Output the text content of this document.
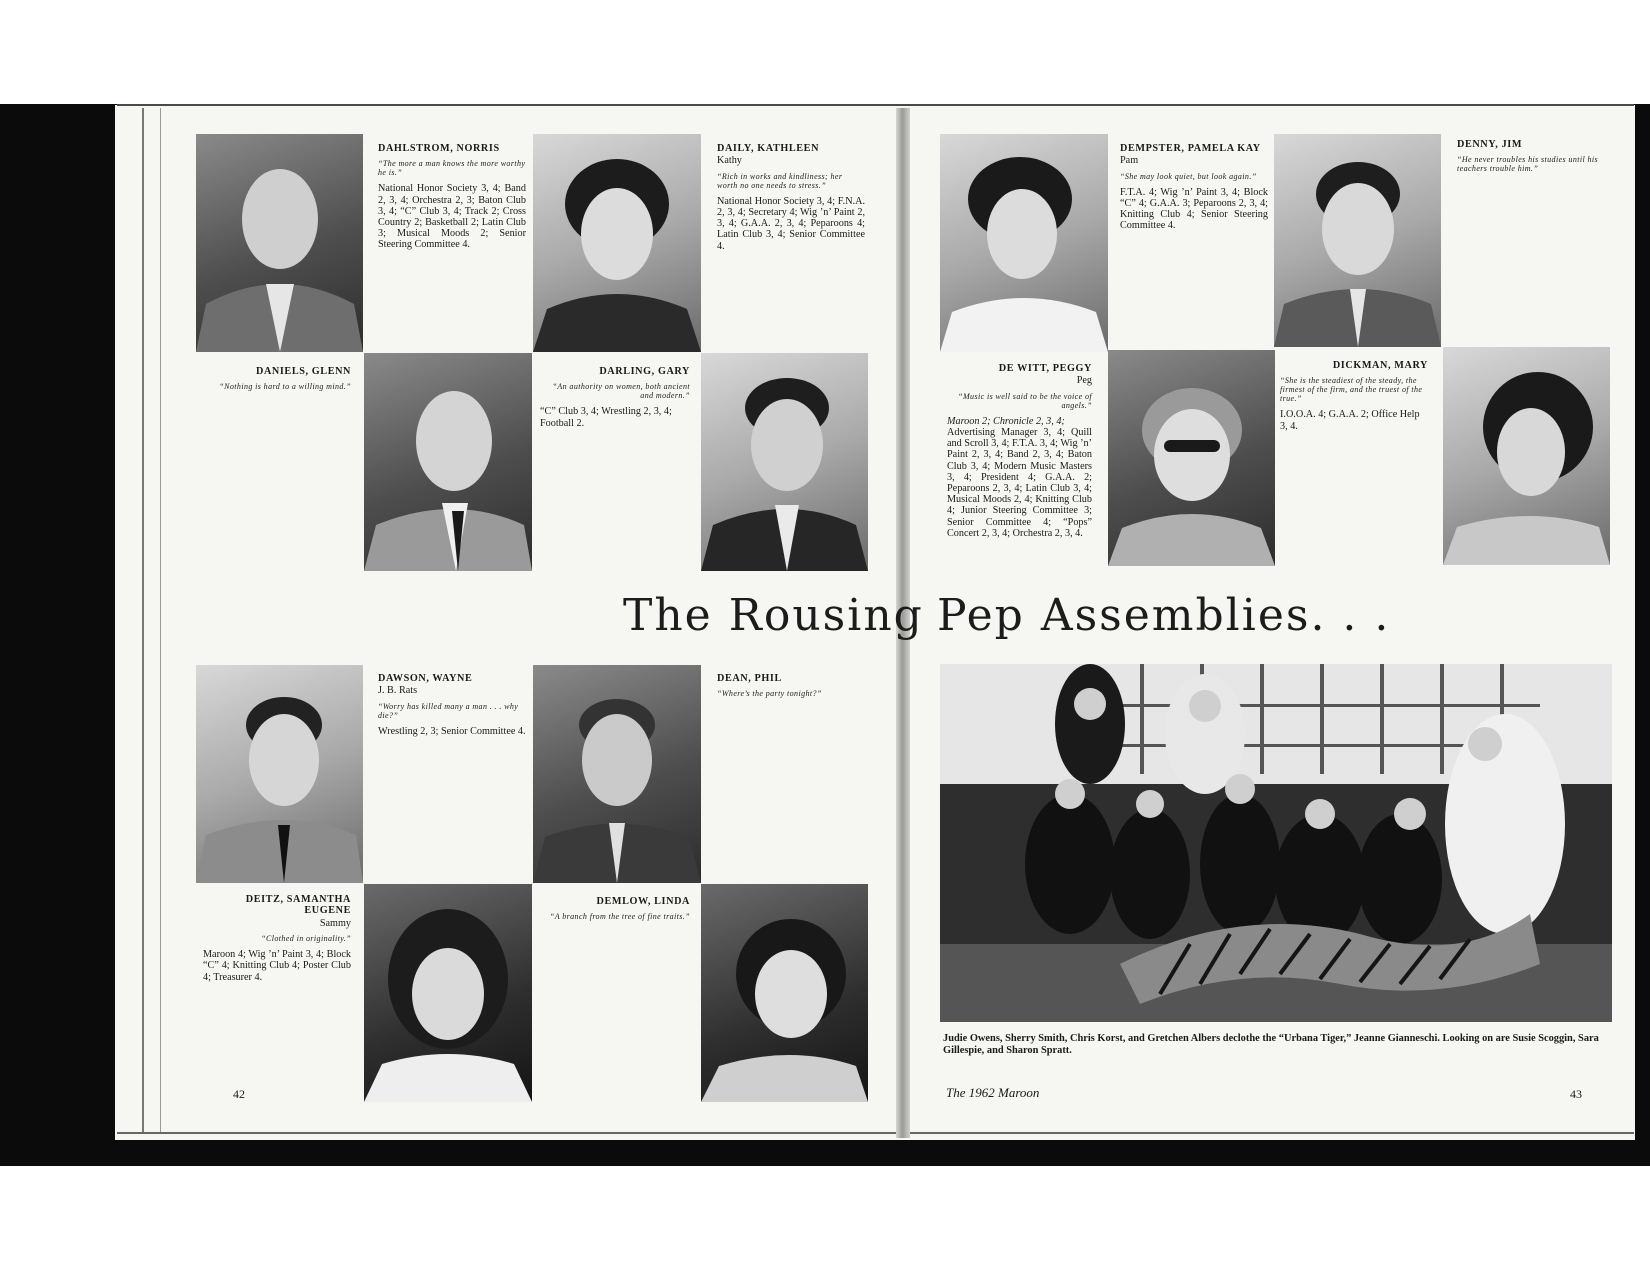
DAHLSTROM, NORRIS
“The more a man knows the more worthy he is.”
National Honor Society 3, 4; Band 2, 3, 4; Orchestra 2, 3; Baton Club 3, 4; “C” Club 3, 4; Track 2; Cross Country 2; Basketball 2; Latin Club 3; Musical Moods 2; Senior Steering Committee 4.
DAILY, KATHLEEN
Kathy
“Rich in works and kindliness; her worth no one needs to stress.”
National Honor Society 3, 4; F.N.A. 2, 3, 4; Secretary 4; Wig ’n’ Paint 2, 3, 4; G.A.A. 2, 3, 4; Peparoons 4; Latin Club 3, 4; Senior Committee 4.
DANIELS, GLENN
“Nothing is hard to a willing mind.”
DARLING, GARY
“An authority on women, both ancient and modern.”
“C” Club 3, 4; Wrestling 2, 3, 4; Football 2.
The Rousing
DAWSON, WAYNE
J. B. Rats
“Worry has killed many a man . . . why die?”
Wrestling 2, 3; Senior Committee 4.
DEAN, PHIL
“Where’s the party tonight?”
DEITZ, SAMANTHA EUGENE
Sammy
“Clothed in originality.”
Maroon 4; Wig ’n’ Paint 3, 4; Block “C” 4; Knitting Club 4; Poster Club 4; Treasurer 4.
DEMLOW, LINDA
“A branch from the tree of fine traits.”
42
DEMPSTER, PAMELA KAY
Pam
“She may look quiet, but look again.”
F.T.A. 4; Wig ’n’ Paint 3, 4; Block “C” 4; G.A.A. 3; Peparoons 2, 3, 4; Knitting Club 4; Senior Steering Committee 4.
DENNY, JIM
“He never troubles his studies until his teachers trouble him.”
DE WITT, PEGGY
Peg
“Music is well said to be the voice of angels.”
Maroon 2; Chronicle 2, 3, 4;
Advertising Manager 3, 4; Quill and Scroll 3, 4; F.T.A. 3, 4; Wig ’n’ Paint 2, 3, 4; Band 2, 3, 4; Baton Club 3, 4; Modern Music Masters 3, 4; President 4; G.A.A. 2; Peparoons 2, 3, 4; Latin Club 3, 4; Musical Moods 2, 4; Knitting Club 4; Junior Steering Committee 3; Senior Committee 4; “Pops” Concert 2, 3, 4; Orchestra 2, 3, 4.
DICKMAN, MARY
“She is the steadiest of the steady, the firmest of the firm, and the truest of the true.”
I.O.O.A. 4; G.A.A. 2; Office Help 3, 4.
Pep Assemblies. . .
Judie Owens, Sherry Smith, Chris Korst, and Gretchen Albers declothe the “Urbana Tiger,” Jeanne Gianneschi. Looking on are Susie Scoggin, Sara Gillespie, and Sharon Spratt.
The 1962 Maroon	43
